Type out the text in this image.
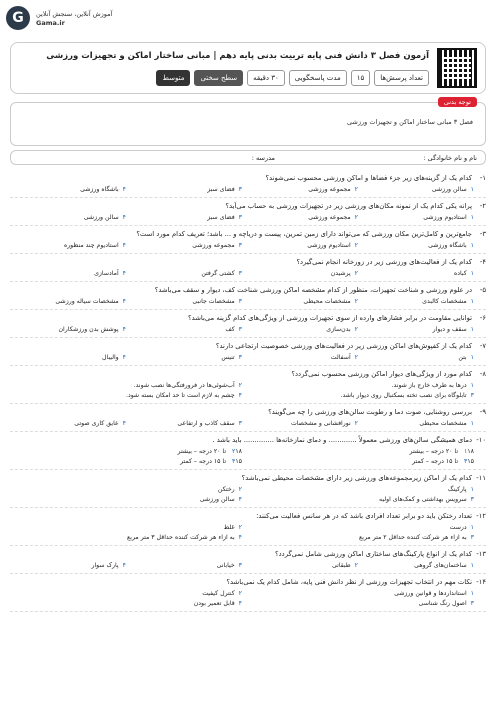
G	آموزش آنلاین، سنجش آنلاین
Gama.ir
آزمون فصل ۳ دانش فنی پایه تربیت بدنی پایه دهم | مبانی ساختار اماکن و تجهیزات ورزشی
تعداد پرسش‌ها
۱۵
مدت پاسخگویی
۳۰ دقیقه
سطح سختی
متوسط
توجه بدنی
فصل ۳ مبانی ساختار اماکن و تجهیزات ورزشی
نام و نام خانوادگی :
مدرسه :
۱-
کدام یک از گزینه‌های زیر جزء فضاها و اماکن ورزشی محسوب نمی‌شوند؟
۱سالن ورزشی
۲مجموعه ورزشی
۳فضای سبز
۴باشگاه ورزشی
۲-
پرانه یکی کدام یک از نمونه مکان‌های ورزشی زیر در تجهیزات ورزشی به حساب می‌آید؟
۱استادیوم ورزشی
۲مجموعه ورزشی
۳فضای سبز
۴سالن ورزشی
۳-
جامع‌ترین و کامل‌ترین مکان ورزشی که می‌تواند دارای زمین تمرین، پیست و دریاچه و ... باشد؛ تعریف کدام مورد است؟
۱باشگاه ورزشی
۲استادیوم ورزشی
۳مجموعه ورزشی
۴استادیوم چند منظوره
۴-
کدام یک از فعالیت‌های ورزشی زیر در زورخانه انجام نمی‌گیرد؟
۱کباده
۲پرشیدن
۳کشتی گرفتن
۴آمادسازی
۵-
در علوم ورزشی و شناخت تجهیزات، منظور از کدام مشخصه اماکن ورزشی شناخت کف، دیوار و سقف می‌باشد؟
۱مشخصات کالبدی
۲مشخصات محیطی
۳مشخصات جانبی
۴مشخصات سیاله ورزشی
۶-
توانایی مقاومت در برابر فشارهای وارده از سوی تجهیزات ورزشی از ویژگی‌های کدام گزینه می‌باشد؟
۱سقف و دیوار
۲بدن‌سازی
۳کف
۴پوشش بدن ورزشکاران
۷-
کدام یک از کفپوش‌های اماکن ورزشی زیر در فعالیت‌های ورزشی خصوصیت ارتجاعی دارند؟
۱بتن
۲آسفالت
۳تنیس
۴والیبال
۸-
کدام مورد از ویژگی‌های دیوار اماکن ورزشی محسوب نمی‌گردد؟
۱درها به طرف خارج باز شوند.
۲آب‌شوئی‌ها در فرورفتگی‌ها نصب شوند.
۳تابلوگاه برای نصب تخته بسکتبال روی دیوار باشد.
۴چشم به لازم است تا حد امکان بسته شود.
۹-
بررسی روشنایی، صوت دما و رطوبت سالن‌های ورزشی را چه می‌گویند؟
۱مشخصات محیطی
۲نورافشانی و مشخصات
۳سقف کاذب و ارتفاعی
۴عایق کاری صوتی
۱۰-
دمای همیشگی سالن‌های ورزشی معمولاً ............. و دمای نمازخانه‌ها .............. باید باشد .
۱۱۸ تا ۲۰ درجه – بیشتر
۲۱۸ تا ۲۰ درجه – بیشتر
۳۱۵ تا ۱۵ درجه – کمتر
۴۱۵ تا ۱۵ درجه – کمتر
۱۱-
کدام یک از اماکن زیرمجموعه‌های ورزشی زیر دارای مشخصات محیطی نمی‌باشد؟
۱پارکینگ
۲رختکن
۳سرویس بهداشتی و کمک‌های اولیه
۴سالن ورزشی
۱۲-
تعداد رختکن باید دو برابر تعداد افرادی باشد که در هر سانس فعالیت می‌کنند:
۱درست
۲غلط
۳به ازاء هر شرکت کننده حداقل ۲ متر مربع
۴به ازاء هر شرکت کننده حداقل ۳ متر مربع
۱۳-
کدام یک از انواع پارکینگ‌های ساختاری اماکن ورزشی شامل نمی‌گردد؟
۱ساختمان‌های گروهی
۲طبقاتی
۳خیابانی
۴پارک سوار
۱۴-
نکات مهم در انتخاب تجهیزات ورزشی از نظر دانش فنی پایه، شامل کدام یک نمی‌باشد؟
۱استانداردها و قوانین ورزشی
۲کنترل کیفیت
۳اصول رنگ شناسی
۴قابل تعمیر بودن
